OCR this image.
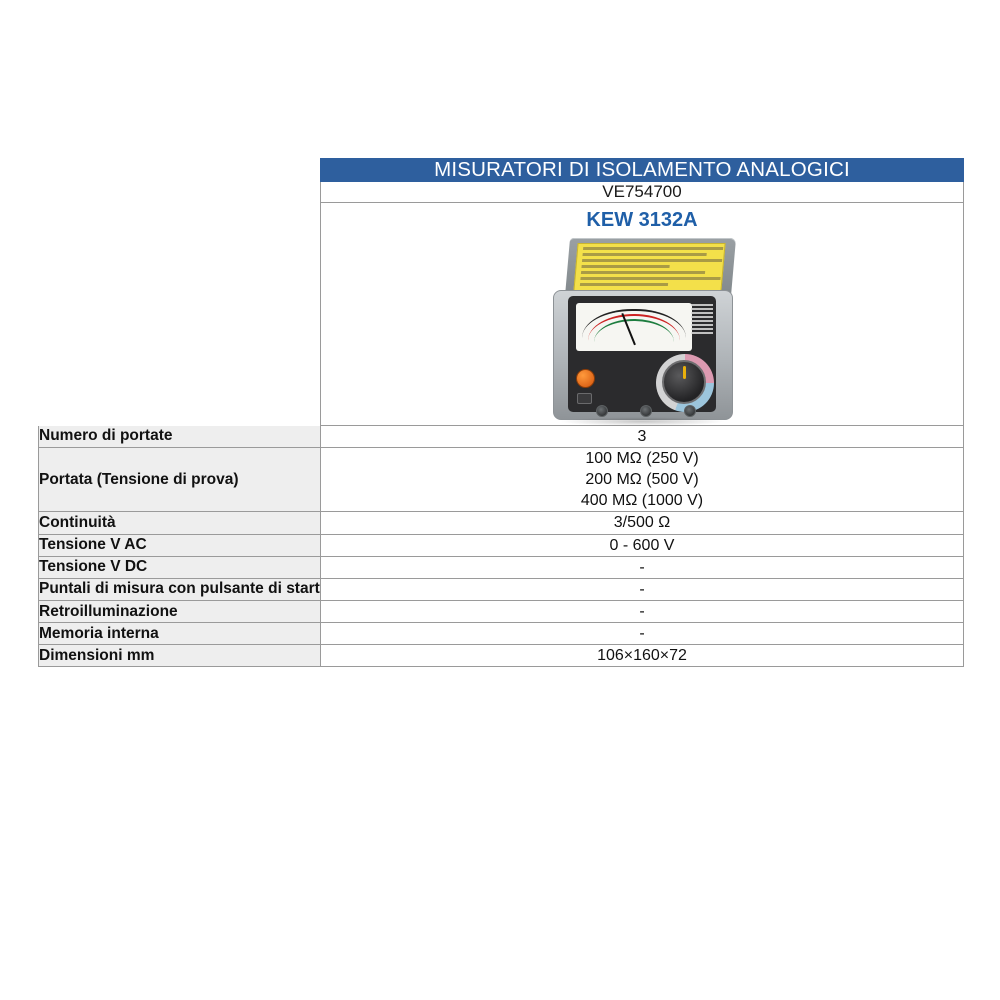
	MISURATORI DI ISOLAMENTO ANALOGICI
	VE754700

	KEW 3132A

Numero di portate	3
Portata (Tensione di prova)	100 MΩ (250 V)
200 MΩ (500 V)
400 MΩ (1000 V)

Continuità	3/500 Ω
Tensione V AC	0 - 600 V
Tensione V DC	-
Puntali di misura con pulsante di start	-
Retroilluminazione	-
Memoria interna	-
Dimensioni mm	106×160×72
